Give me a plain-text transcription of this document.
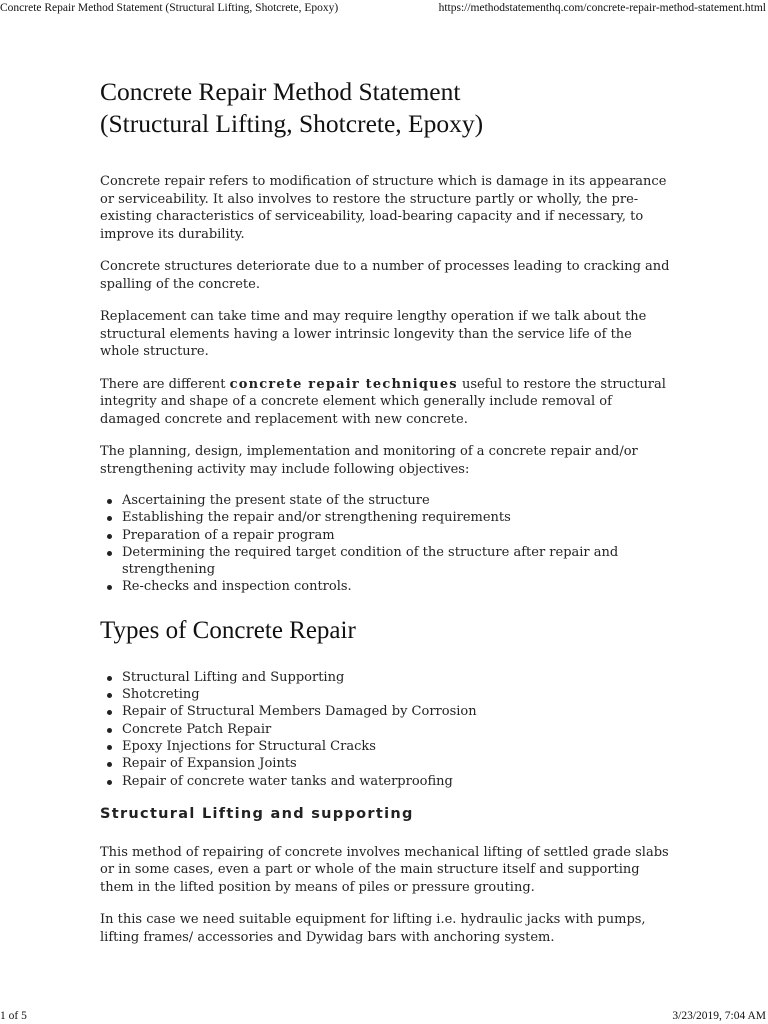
Concrete Repair Method Statement (Structural Lifting, Shotcrete, Epoxy)	https://methodstatementhq.com/concrete-repair-method-statement.html
Concrete Repair Method Statement
(Structural Lifting, Shotcrete, Epoxy)

Concrete repair refers to modification of structure which is damage in its appearance or serviceability. It also involves to restore the structure partly or wholly, the pre-existing characteristics of serviceability, load-bearing capacity and if necessary, to improve its durability.

Concrete structures deteriorate due to a number of processes leading to cracking and spalling of the concrete.

Replacement can take time and may require lengthy operation if we talk about the structural elements having a lower intrinsic longevity than the service life of the whole structure.

There are different concrete repair techniques useful to restore the structural integrity and shape of a concrete element which generally include removal of damaged concrete and replacement with new concrete.

The planning, design, implementation and monitoring of a concrete repair and/or strengthening activity may include following objectives:

Ascertaining the present state of the structure
Establishing the repair and/or strengthening requirements
Preparation of a repair program
Determining the required target condition of the structure after repair and strengthening
Re-checks and inspection controls.
Types of Concrete Repair
Structural Lifting and Supporting
Shotcreting
Repair of Structural Members Damaged by Corrosion
Concrete Patch Repair
Epoxy Injections for Structural Cracks
Repair of Expansion Joints
Repair of concrete water tanks and waterproofing
Structural Lifting and supporting

This method of repairing of concrete involves mechanical lifting of settled grade slabs or in some cases, even a part or whole of the main structure itself and supporting them in the lifted position by means of piles or pressure grouting.

In this case we need suitable equipment for lifting i.e. hydraulic jacks with pumps, lifting frames/ accessories and Dywidag bars with anchoring system.

1 of 5	3/23/2019, 7:04 AM
